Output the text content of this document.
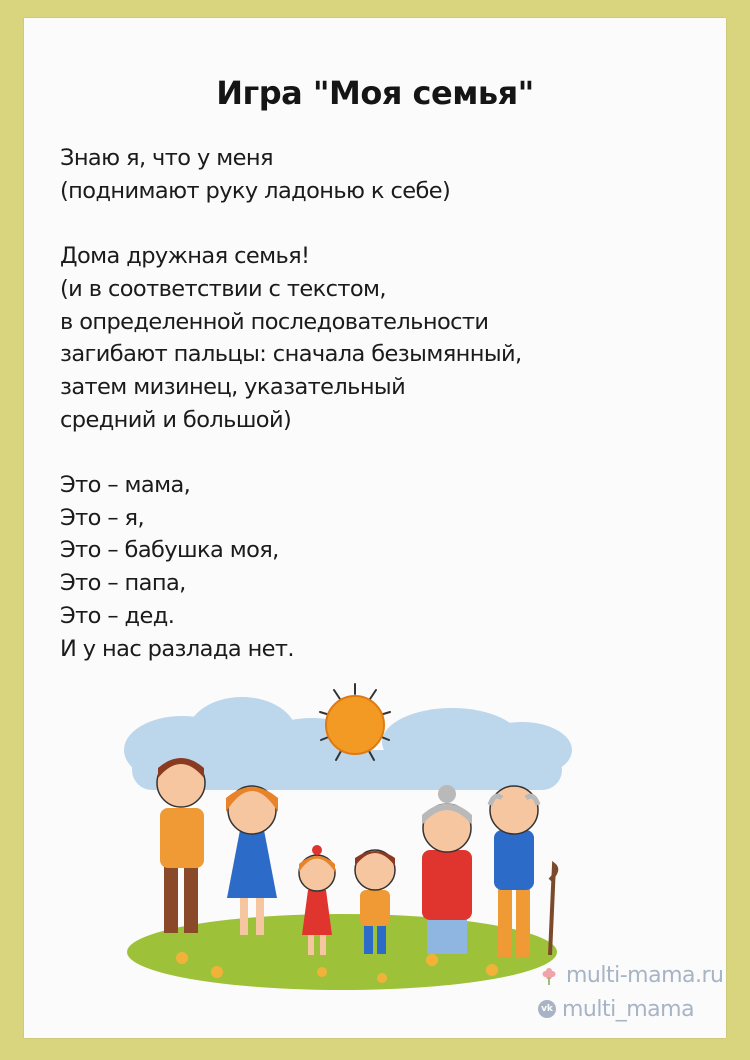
Игра "Моя семья"
Знаю я, что у меня
(поднимают руку ладонью к себе)
Дома дружная семья!
(и в соответствии с текстом,
в определенной последовательности
загибают пальцы: сначала безымянный,
затем мизинец, указательный
средний и большой)
Это – мама,
Это – я,
Это – бабушка моя,
Это – папа,
Это – дед.
И у нас разлада нет.
multi-mama.ru
vk multi_mama
